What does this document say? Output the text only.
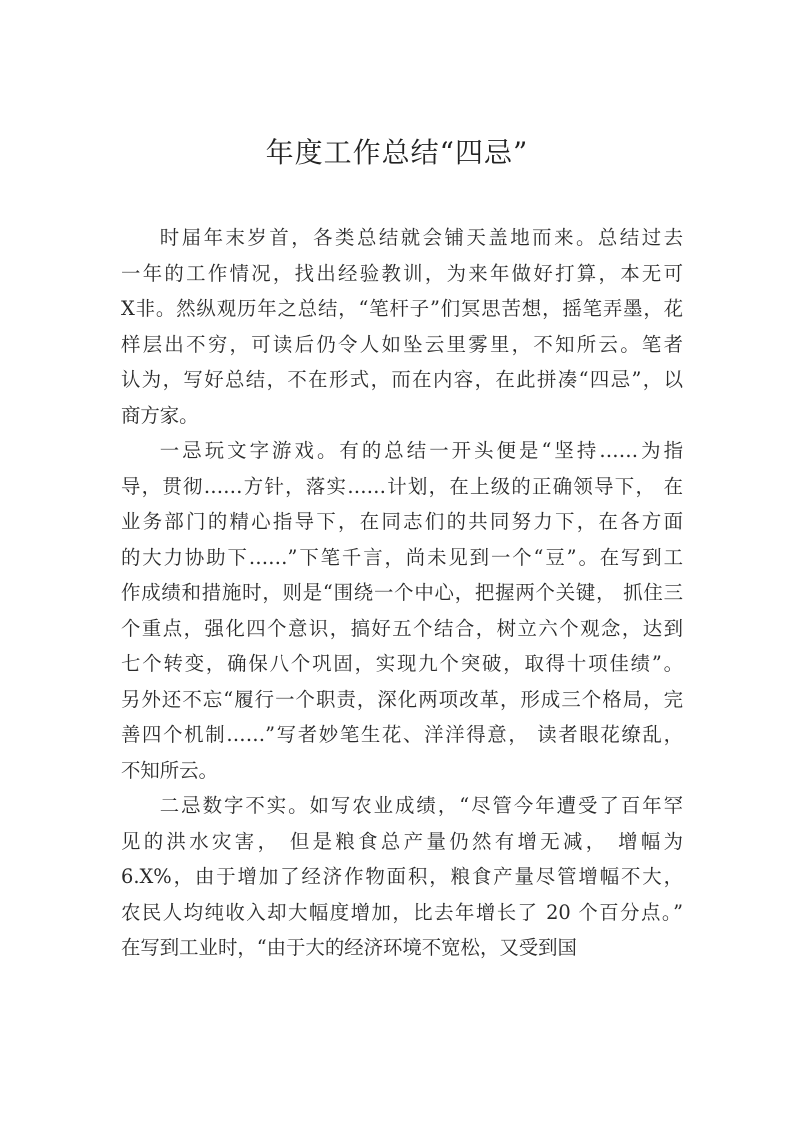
年度工作总结“四忌”
时届年末岁首，各类总结就会铺天盖地而来。总结过去
一年的工作情况，找出经验教训，为来年做好打算，本无可
X非。然纵观历年之总结，“笔杆子”们冥思苦想，摇笔弄墨，花
样层出不穷，可读后仍令人如坠云里雾里，不知所云。笔者
认为，写好总结，不在形式，而在内容，在此拼凑“四忌”，以
商方家。
一忌玩文字游戏。有的总结一开头便是“坚持……为指
导，贯彻……方针，落实……计划，在上级的正确领导下， 在
业务部门的精心指导下，在同志们的共同努力下，在各方面
的大力协助下……”下笔千言，尚未见到一个“豆”。在写到工
作成绩和措施时，则是“围绕一个中心，把握两个关键， 抓住三
个重点，强化四个意识，搞好五个结合，树立六个观念，达到
七个转变，确保八个巩固，实现九个突破，取得十项佳绩”。
另外还不忘“履行一个职责，深化两项改革，形成三个格局，完
善四个机制……”写者妙笔生花、洋洋得意， 读者眼花缭乱，
不知所云。
二忌数字不实。如写农业成绩，“尽管今年遭受了百年罕
见的洪水灾害， 但是粮食总产量仍然有增无减， 增幅为
6.X%，由于增加了经济作物面积，粮食产量尽管增幅不大，
农民人均纯收入却大幅度增加，比去年增长了 20 个百分点。”
在写到工业时，“由于大的经济环境不宽松，又受到国
